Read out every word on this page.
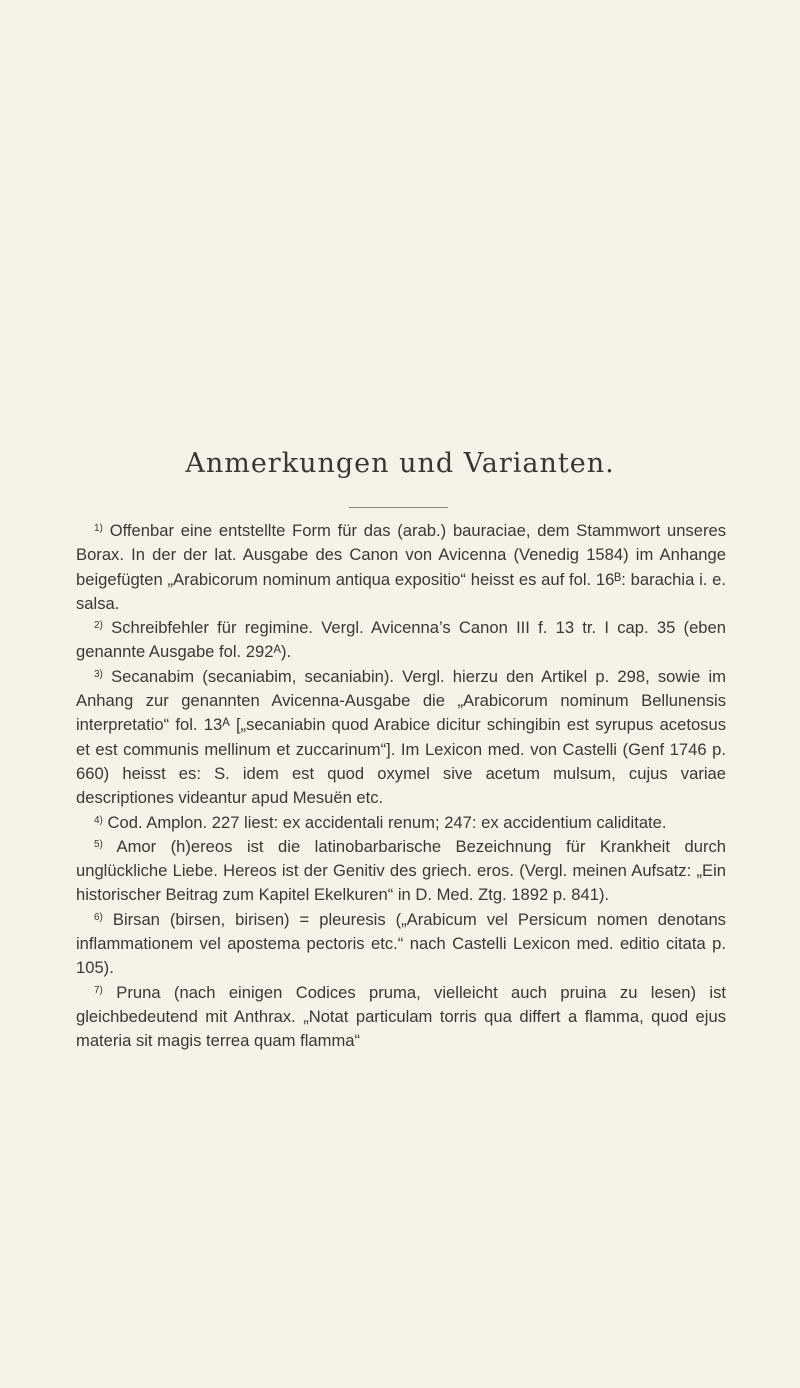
Anmerkungen und Varianten.

$^{1)}$ Offenbar eine entstellte Form für das (arab.) bauraciae, dem Stammwort unseres Borax. In der der lat. Ausgabe des Canon von Avicenna (Venedig 1584) im Anhange beigefügten „Arabicorum nominum antiqua expositio“ heisst es auf fol. 16ᴮ: barachia i. e. salsa.

$^{2)}$ Schreibfehler für regimine. Vergl. Avicenna’s Canon III f. 13 tr. I cap. 35 (eben genannte Ausgabe fol. 292ᴬ).

$^{3)}$ Secanabim (secaniabim, secaniabin). Vergl. hierzu den Artikel p. 298, sowie im Anhang zur genannten Avicenna-Ausgabe die „Arabicorum nominum Bellunensis interpretatio“ fol. 13ᴬ [„secaniabin quod Arabice dicitur schingibin est syrupus acetosus et est communis mellinum et zuccarinum“]. Im Lexicon med. von Castelli (Genf 1746 p. 660) heisst es: S. idem est quod oxymel sive acetum mulsum, cujus variae descriptiones videantur apud Mesuën etc.

$^{4)}$ Cod. Amplon. 227 liest: ex accidentali renum; 247: ex accidentium caliditate.

$^{5)}$ Amor (h)ereos ist die latinobarbarische Bezeichnung für Krankheit durch unglückliche Liebe. Hereos ist der Genitiv des griech. eros. (Vergl. meinen Aufsatz: „Ein historischer Beitrag zum Kapitel Ekelkuren“ in D. Med. Ztg. 1892 p. 841).

$^{6)}$ Birsan (birsen, birisen) = pleuresis („Arabicum vel Persicum nomen denotans inflammationem vel apostema pectoris etc.“ nach Castelli Lexicon med. editio citata p. 105).

$^{7)}$ Pruna (nach einigen Codices pruma, vielleicht auch pruina zu lesen) ist gleichbedeutend mit Anthrax. „Notat particulam torris qua differt a flamma, quod ejus materia sit magis terrea quam flamma“
